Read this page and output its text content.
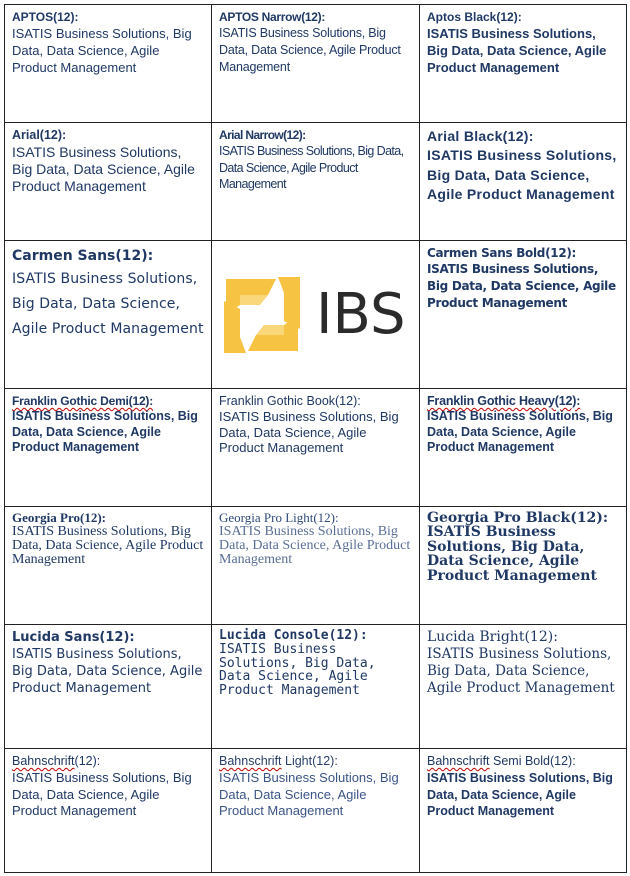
APTOS(12):
ISATIS Business Solutions, Big Data, Data Science, Agile Product Management	APTOS Narrow(12):
ISATIS Business Solutions, Big Data, Data Science, Agile Product Management	Aptos Black(12):
ISATIS Business Solutions, Big Data, Data Science, Agile Product Management

Arial(12):
ISATIS Business Solutions, Big Data, Data Science, Agile Product Management	Arial Narrow(12):
ISATIS Business Solutions, Big Data, Data Science, Agile Product Management	Arial Black(12):
ISATIS Business Solutions, Big Data, Data Science, Agile Product Management

Carmen Sans(12):
ISATIS Business Solutions, Big Data, Data Science, Agile Product Management	IBS	Carmen Sans Bold(12):
ISATIS Business Solutions, Big Data, Data Science, Agile Product Management

Franklin Gothic Demi(12):
ISATIS Business Solutions, Big Data, Data Science, Agile Product Management	Franklin Gothic Book(12):
ISATIS Business Solutions, Big Data, Data Science, Agile Product Management	Franklin Gothic Heavy(12):
ISATIS Business Solutions, Big Data, Data Science, Agile Product Management

Georgia Pro(12):
ISATIS Business Solutions, Big Data, Data Science, Agile Product Management	Georgia Pro Light(12):
ISATIS Business Solutions, Big Data, Data Science, Agile Product Management	Georgia Pro Black(12):
ISATIS Business Solutions, Big Data, Data Science, Agile Product Management

Lucida Sans(12):
ISATIS Business Solutions, Big Data, Data Science, Agile Product Management	Lucida Console(12):
ISATIS Business Solutions, Big Data, Data Science, Agile Product Management	Lucida Bright(12):
ISATIS Business Solutions, Big Data, Data Science, Agile Product Management

Bahnschrift(12):
ISATIS Business Solutions, Big Data, Data Science, Agile Product Management	Bahnschrift Light(12):
ISATIS Business Solutions, Big Data, Data Science, Agile Product Management	Bahnschrift Semi Bold(12):
ISATIS Business Solutions, Big Data, Data Science, Agile Product Management
